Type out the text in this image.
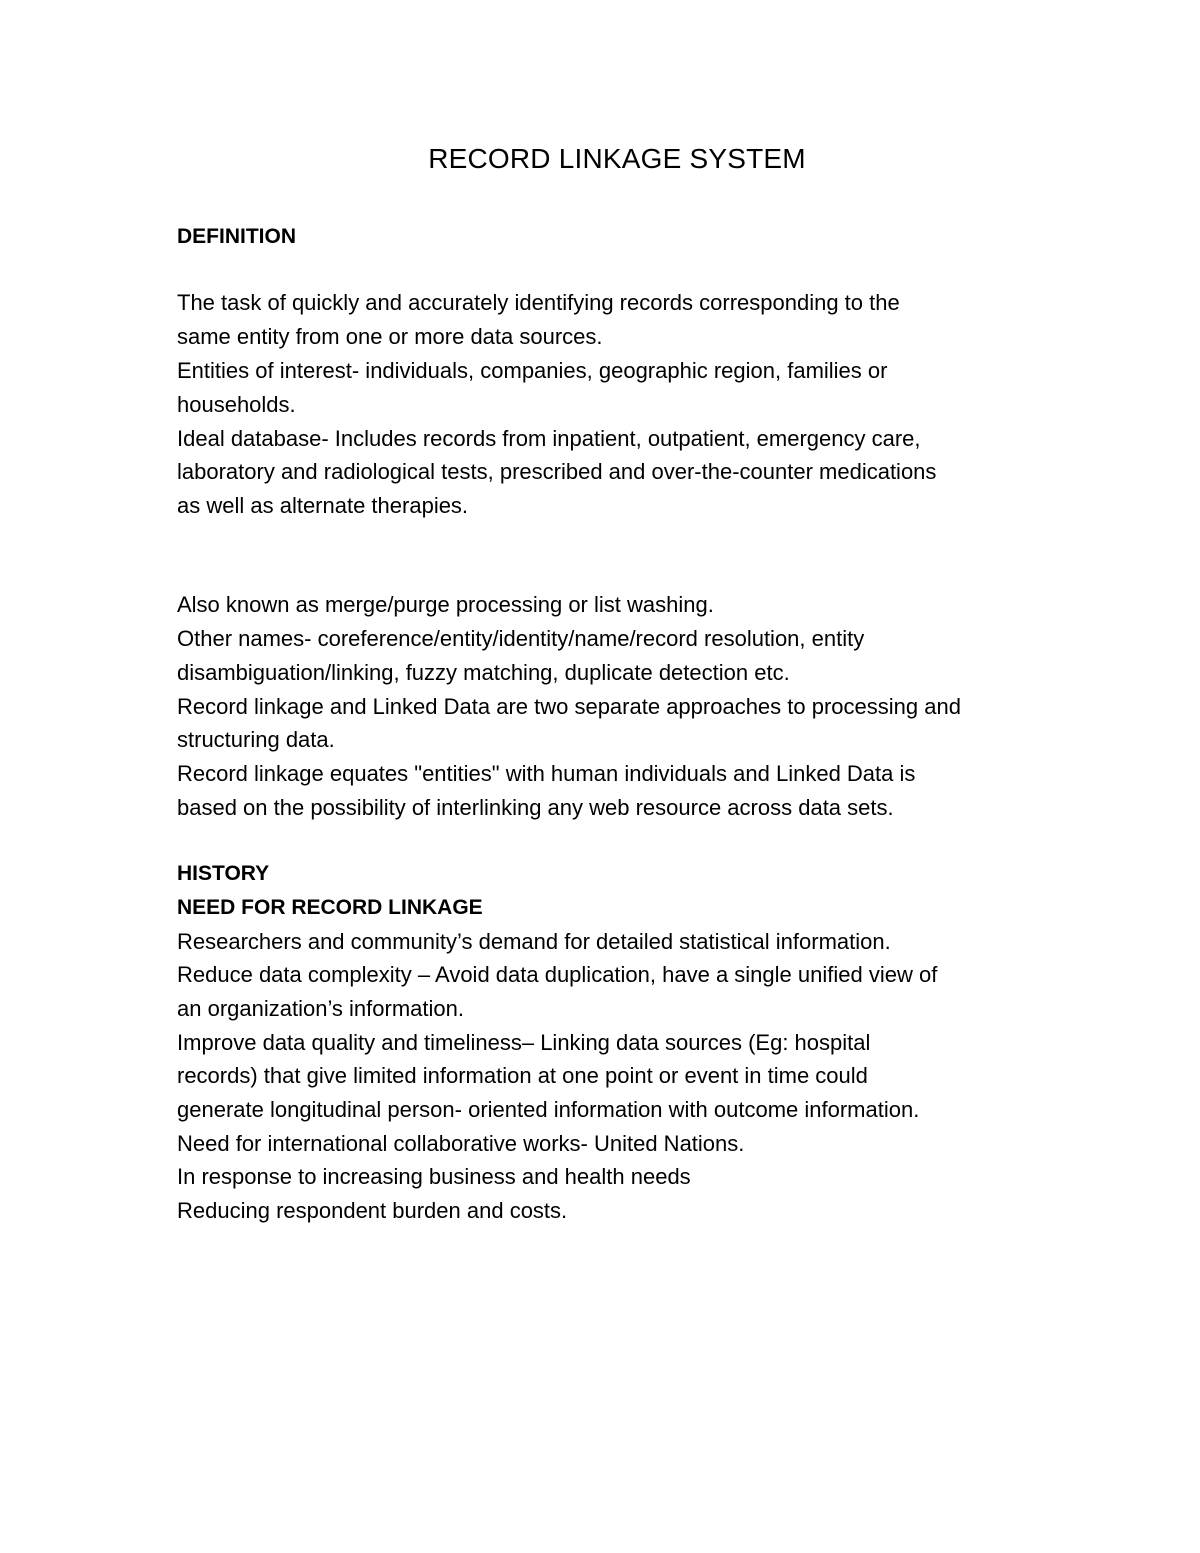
RECORD LINKAGE SYSTEM

DEFINITION

The task of quickly and accurately identifying records corresponding to the

same entity from one or more data sources.

Entities of interest- individuals, companies, geographic region, families or

households.

Ideal database- Includes records from inpatient, outpatient, emergency care,

laboratory and radiological tests, prescribed and over-the-counter medications

as well as alternate therapies.

Also known as merge/purge processing or list washing.

Other names- coreference/entity/identity/name/record resolution, entity

disambiguation/linking, fuzzy matching, duplicate detection etc.

Record linkage and Linked Data are two separate approaches to processing and

structuring data.

Record linkage equates "entities" with human individuals and Linked Data is

based on the possibility of interlinking any web resource across data sets.

HISTORY

NEED FOR RECORD LINKAGE

Researchers and community’s demand for detailed statistical information.

Reduce data complexity – Avoid data duplication, have a single unified view of

an organization’s information.

Improve data quality and timeliness– Linking data sources (Eg: hospital

records) that give limited information at one point or event in time could

generate longitudinal person- oriented information with outcome information.

Need for international collaborative works- United Nations.

In response to increasing business and health needs

Reducing respondent burden and costs.
